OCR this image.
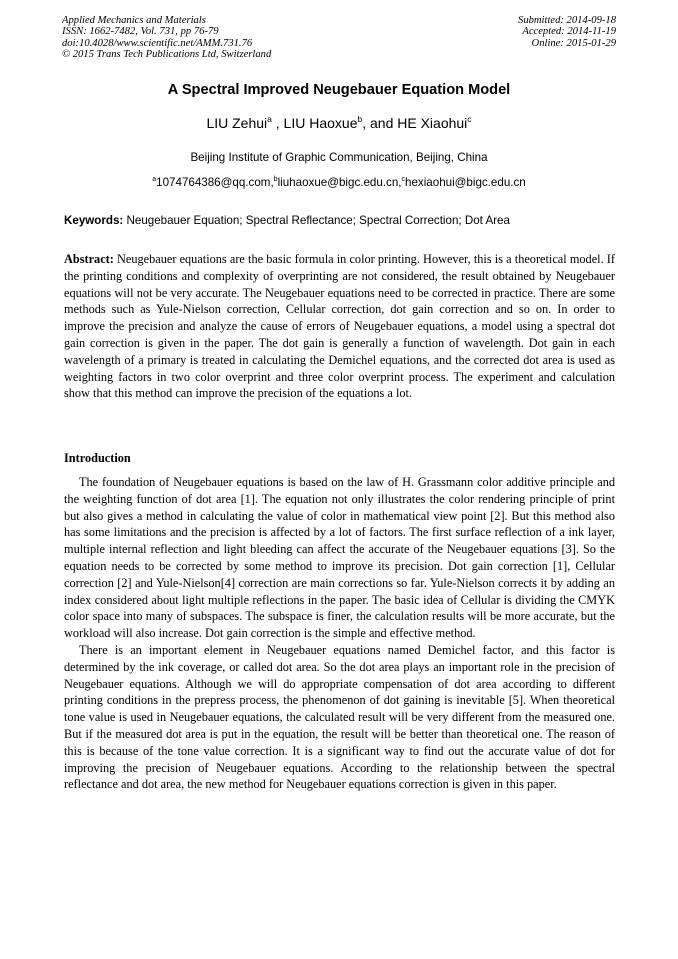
Applied Mechanics and Materials
ISSN: 1662-7482, Vol. 731, pp 76-79
doi:10.4028/www.scientific.net/AMM.731.76
© 2015 Trans Tech Publications Ltd, Switzerland
Submitted: 2014-09-18
Accepted: 2014-11-19
Online: 2015-01-29
A Spectral Improved Neugebauer Equation Model
LIU Zehui$^a$ , LIU Haoxue$^b$, and HE Xiaohui$^c$
Beijing Institute of Graphic Communication, Beijing, China
$^a$1074764386@qq.com,$^b$liuhaoxue@bigc.edu.cn,$^c$hexiaohui@bigc.edu.cn
Keywords: Neugebauer Equation; Spectral Reflectance; Spectral Correction; Dot Area
Abstract: Neugebauer equations are the basic formula in color printing. However, this is a theoretical model. If the printing conditions and complexity of overprinting are not considered, the result obtained by Neugebauer equations will not be very accurate. The Neugebauer equations need to be corrected in practice. There are some methods such as Yule-Nielson correction, Cellular correction, dot gain correction and so on. In order to improve the precision and analyze the cause of errors of Neugebauer equations, a model using a spectral dot gain correction is given in the paper. The dot gain is generally a function of wavelength. Dot gain in each wavelength of a primary is treated in calculating the Demichel equations, and the corrected dot area is used as weighting factors in two color overprint and three color overprint process. The experiment and calculation show that this method can improve the precision of the equations a lot.
Introduction

The foundation of Neugebauer equations is based on the law of H. Grassmann color additive principle and the weighting function of dot area [1]. The equation not only illustrates the color rendering principle of print but also gives a method in calculating the value of color in mathematical view point [2]. But this method also has some limitations and the precision is affected by a lot of factors. The first surface reflection of a ink layer, multiple internal reflection and light bleeding can affect the accurate of the Neugebauer equations [3]. So the equation needs to be corrected by some method to improve its precision. Dot gain correction [1], Cellular correction [2] and Yule-Nielson[4] correction are main corrections so far. Yule-Nielson corrects it by adding an index considered about light multiple reflections in the paper. The basic idea of Cellular is dividing the CMYK color space into many of subspaces. The subspace is finer, the calculation results will be more accurate, but the workload will also increase. Dot gain correction is the simple and effective method.

There is an important element in Neugebauer equations named Demichel factor, and this factor is determined by the ink coverage, or called dot area. So the dot area plays an important role in the precision of Neugebauer equations. Although we will do appropriate compensation of dot area according to different printing conditions in the prepress process, the phenomenon of dot gaining is inevitable [5]. When theoretical tone value is used in Neugebauer equations, the calculated result will be very different from the measured one. But if the measured dot area is put in the equation, the result will be better than theoretical one. The reason of this is because of the tone value correction. It is a significant way to find out the accurate value of dot for improving the precision of Neugebauer equations. According to the relationship between the spectral reflectance and dot area, the new method for Neugebauer equations correction is given in this paper.
